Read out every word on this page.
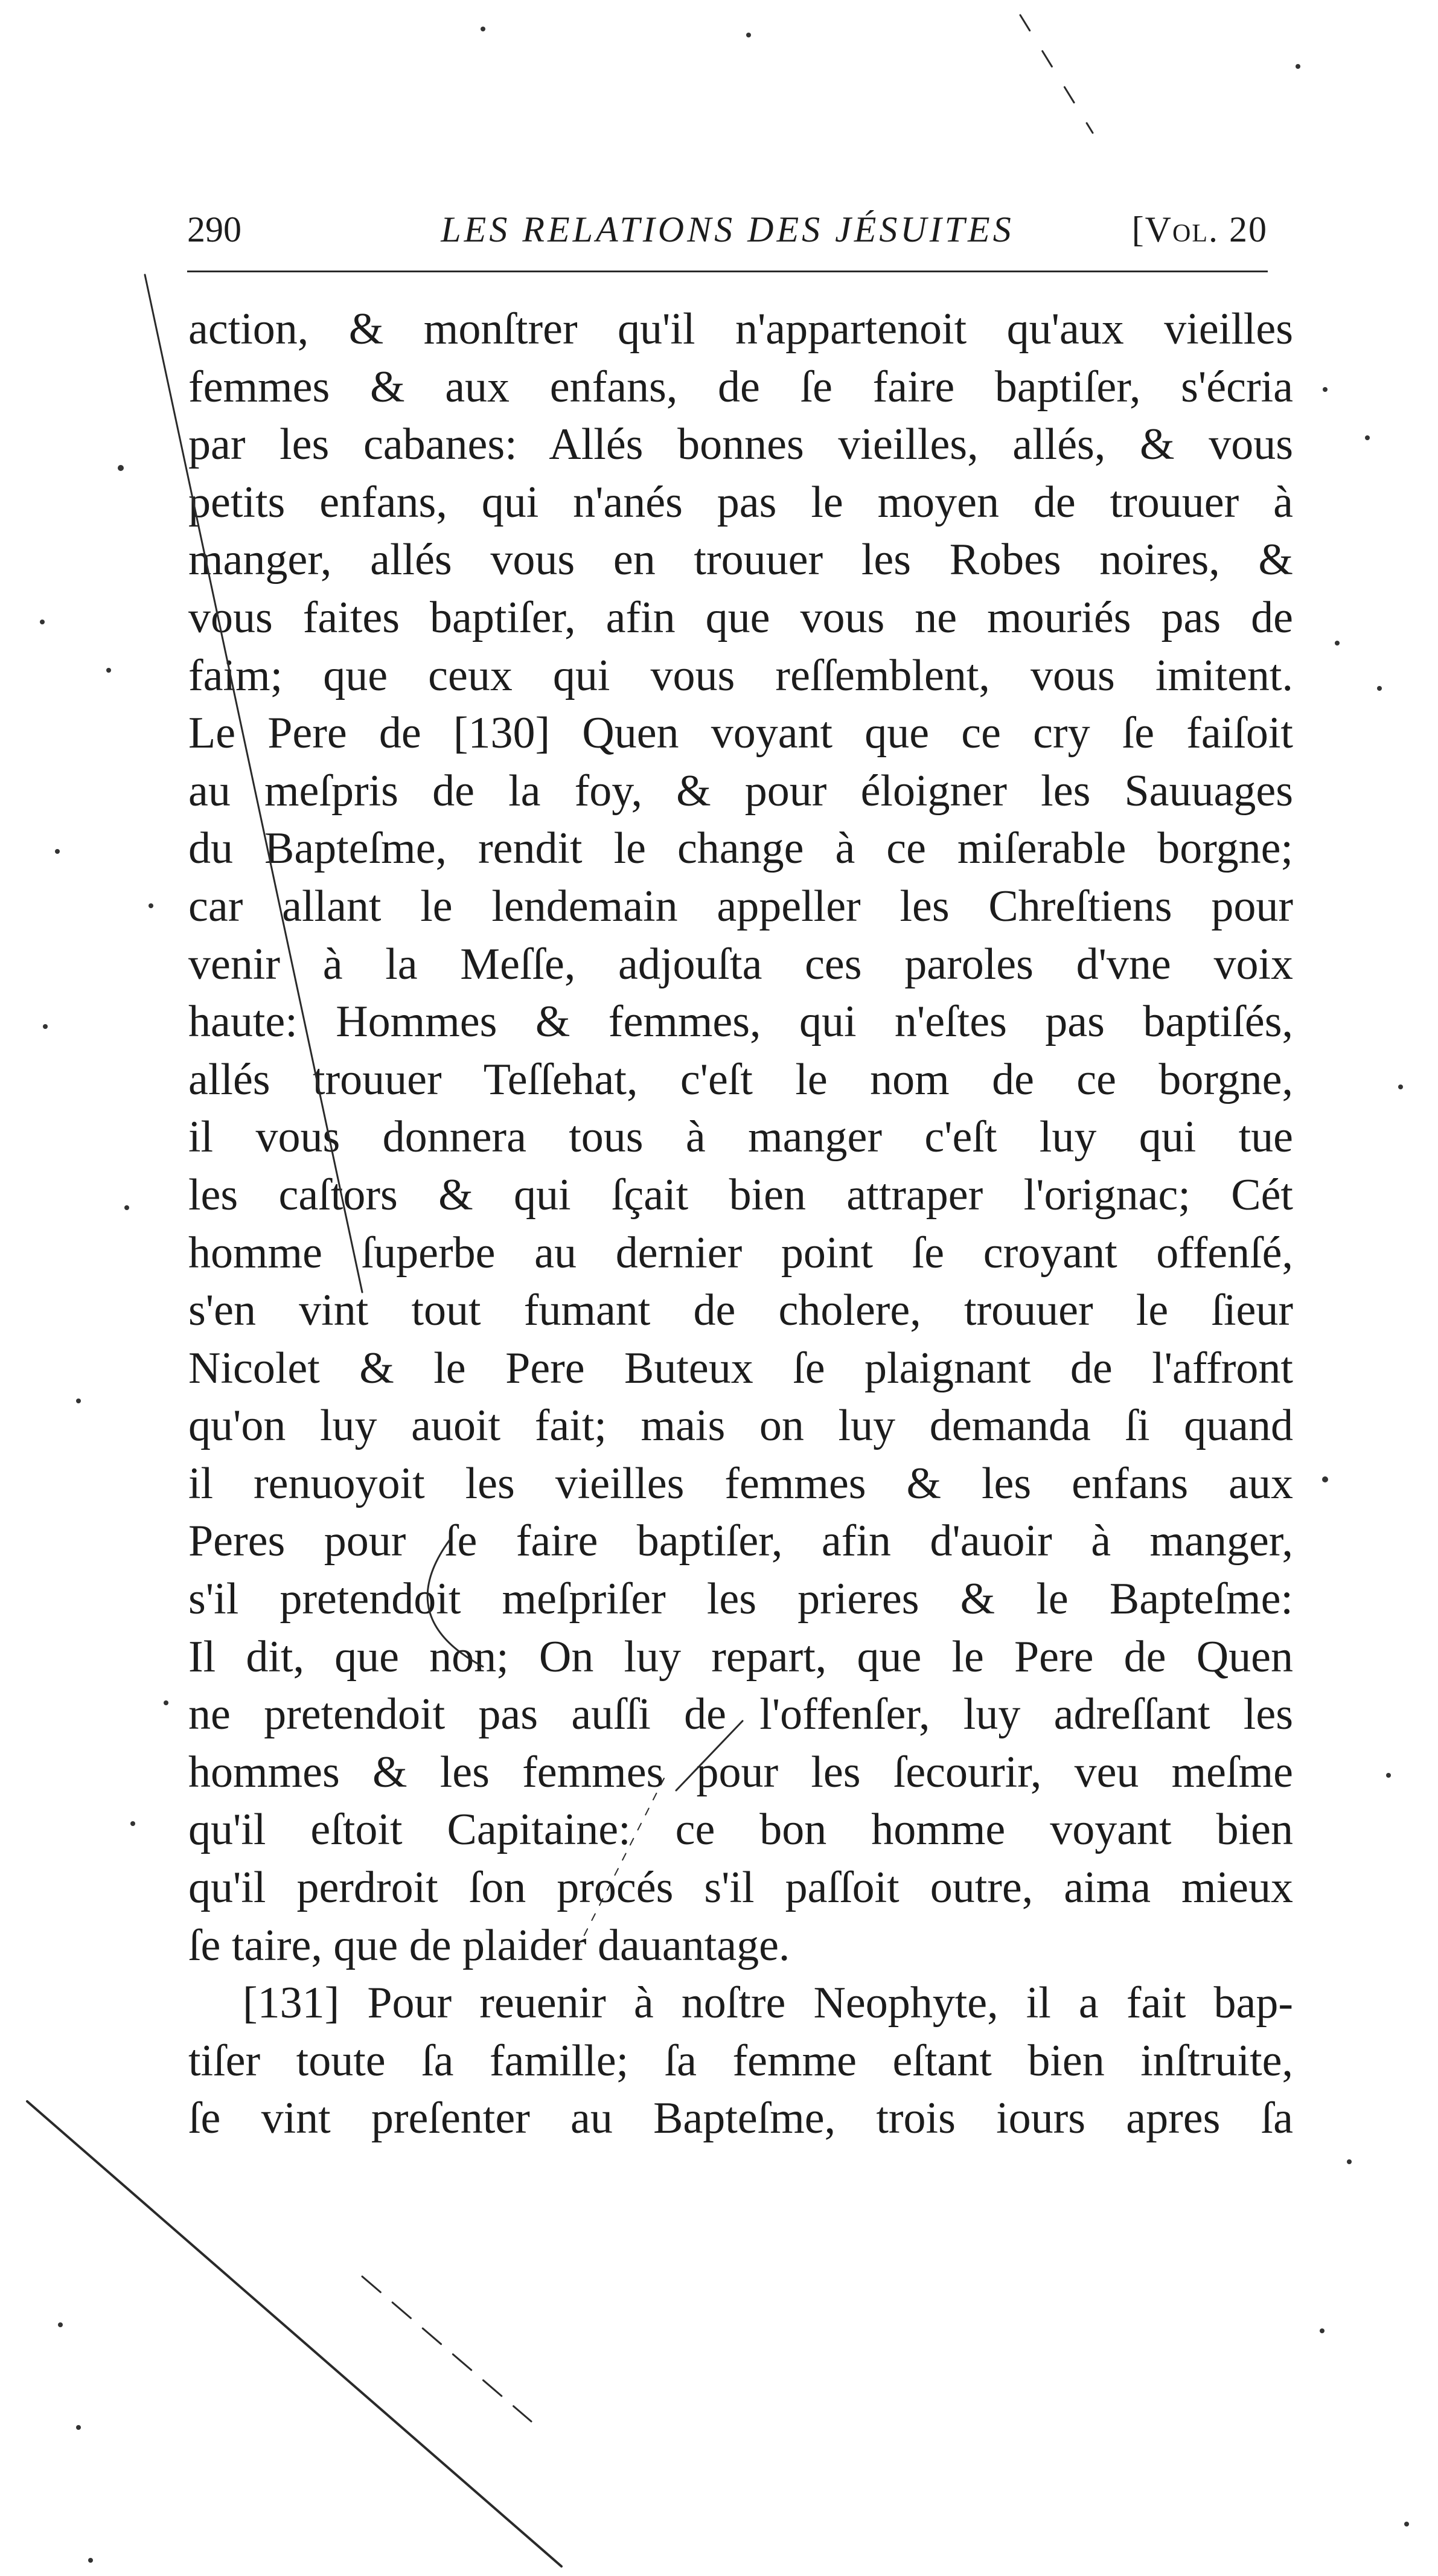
290	LES RELATIONS DES JÉSUITES	[Vol. 20
action, & monſtrer qu'il n'appartenoit qu'aux vieilles
femmes & aux enfans, de ſe faire baptiſer, s'écria
par les cabanes: Allés bonnes vieilles, allés, & vous
petits enfans, qui n'anés pas le moyen de trouuer à
manger, allés vous en trouuer les Robes noires, &
vous faites baptiſer, afin que vous ne mouriés pas de
faim; que ceux qui vous reſſemblent, vous imitent.
Le Pere de [130] Quen voyant que ce cry ſe faiſoit
au meſpris de la foy, & pour éloigner les Sauuages
du Bapteſme, rendit le change à ce miſerable borgne;
car allant le lendemain appeller les Chreſtiens pour
venir à la Meſſe, adjouſta ces paroles d'vne voix
haute: Hommes & femmes, qui n'eſtes pas baptiſés,
allés trouuer Teſſehat, c'eſt le nom de ce borgne,
il vous donnera tous à manger c'eſt luy qui tue
les caſtors & qui ſçait bien attraper l'orignac; Cét
homme ſuperbe au dernier point ſe croyant offenſé,
s'en vint tout fumant de cholere, trouuer le ſieur
Nicolet & le Pere Buteux ſe plaignant de l'affront
qu'on luy auoit fait; mais on luy demanda ſi quand
il renuoyoit les vieilles femmes & les enfans aux
Peres pour ſe faire baptiſer, afin d'auoir à manger,
s'il pretendoit meſpriſer les prieres & le Bapteſme:
Il dit, que non; On luy repart, que le Pere de Quen
ne pretendoit pas auſſi de l'offenſer, luy adreſſant les
hommes & les femmes pour les ſecourir, veu meſme
qu'il eſtoit Capitaine: ce bon homme voyant bien
qu'il perdroit ſon procés s'il paſſoit outre, aima mieux
ſe taire, que de plaider dauantage.
[131] Pour reuenir à noſtre Neophyte, il a fait bap-
tiſer toute ſa famille; ſa femme eſtant bien inſtruite,
ſe vint preſenter au Bapteſme, trois iours apres ſa
